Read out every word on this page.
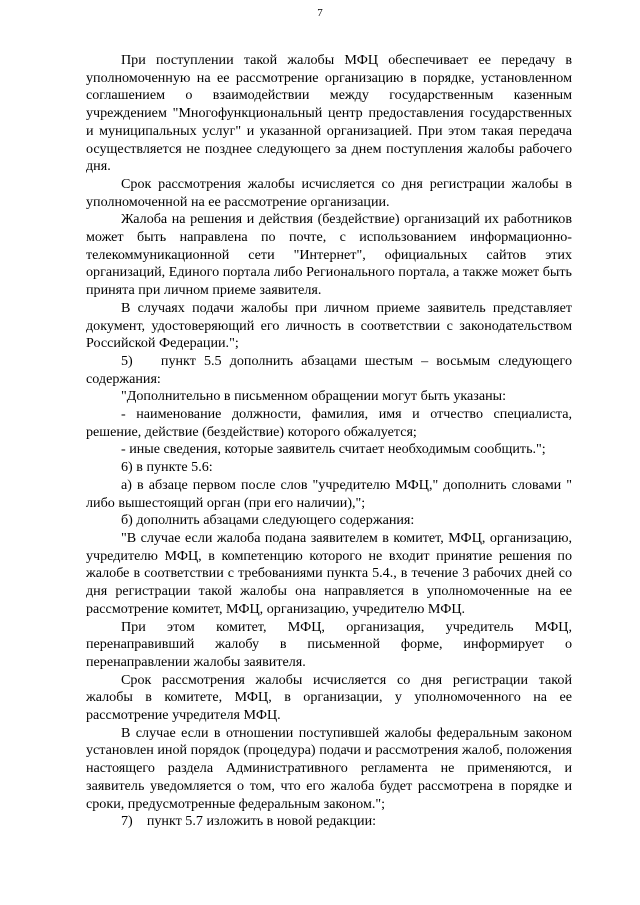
7

При поступлении такой жалобы МФЦ обеспечивает ее передачу в уполномоченную на ее рассмотрение организацию в порядке, установленном соглашением о взаимодействии между государственным казенным учреждением "Многофункциональный центр предоставления государственных и муниципальных услуг" и указанной организацией. При этом такая передача осуществляется не позднее следующего за днем поступления жалобы рабочего дня.

Срок рассмотрения жалобы исчисляется со дня регистрации жалобы в уполномоченной на ее рассмотрение организации.

Жалоба на решения и действия (бездействие) организаций их работников может быть направлена по почте, с использованием информационно-телекоммуникационной сети "Интернет", официальных сайтов этих организаций, Единого портала либо Регионального портала, а также может быть принята при личном приеме заявителя.

В случаях подачи жалобы при личном приеме заявитель представляет документ, удостоверяющий его личность в соответствии с законодательством Российской Федерации.";

5)  пункт 5.5 дополнить абзацами шестым – восьмым следующего содержания:

"Дополнительно в письменном обращении могут быть указаны:

- наименование должности, фамилия, имя и отчество специалиста, решение, действие (бездействие) которого обжалуется;

- иные сведения, которые заявитель считает необходимым сообщить.";

6) в пункте 5.6:

а) в абзаце первом после слов "учредителю МФЦ," дополнить словами " либо вышестоящий орган (при его наличии),";

б) дополнить абзацами следующего содержания:

"В случае если жалоба подана заявителем в комитет, МФЦ, организацию, учредителю МФЦ, в компетенцию которого не входит принятие решения по жалобе в соответствии с требованиями пункта 5.4., в течение 3 рабочих дней со дня регистрации такой жалобы она направляется в уполномоченные на ее рассмотрение комитет, МФЦ, организацию, учредителю МФЦ.

При этом комитет, МФЦ, организация, учредитель МФЦ, перенаправивший жалобу в письменной форме, информирует о перенаправлении жалобы заявителя.

Срок рассмотрения жалобы исчисляется со дня регистрации такой жалобы в комитете, МФЦ, в организации, у уполномоченного на ее рассмотрение учредителя МФЦ.

В случае если в отношении поступившей жалобы федеральным законом установлен иной порядок (процедура) подачи и рассмотрения жалоб, положения настоящего раздела Административного регламента не применяются, и заявитель уведомляется о том, что его жалоба будет рассмотрена в порядке и сроки, предусмотренные федеральным законом.";

7) пункт 5.7 изложить в новой редакции:
